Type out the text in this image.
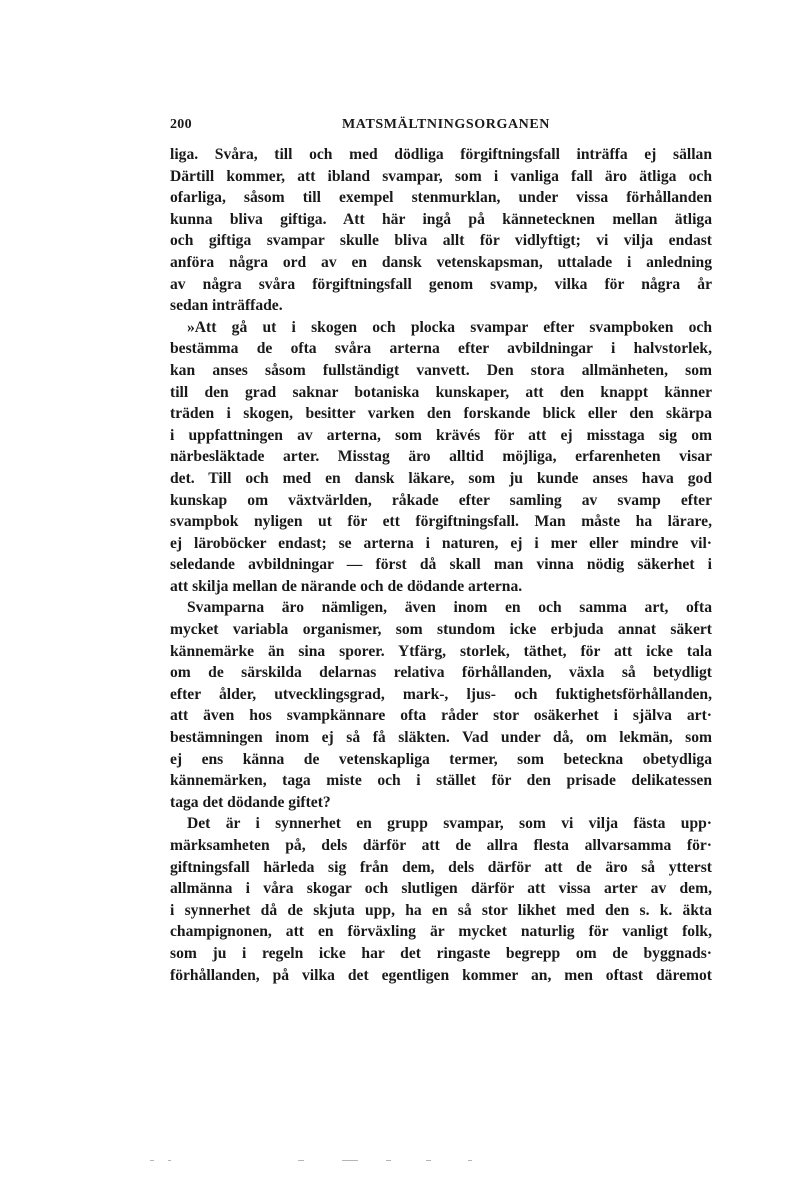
200	MATSMÄLTNINGSORGANEN
liga. Svåra, till och med dödliga förgiftningsfall inträffa ej sällan
Därtill kommer, att ibland svampar, som i vanliga fall äro ätliga och
ofarliga, såsom till exempel stenmurklan, under vissa förhållanden
kunna bliva giftiga. Att här ingå på kännetecknen mellan ätliga
och giftiga svampar skulle bliva allt för vidlyftigt; vi vilja endast
anföra några ord av en dansk vetenskapsman, uttalade i anledning
av några svåra förgiftningsfall genom svamp, vilka för några år
sedan inträffade.
»Att gå ut i skogen och plocka svampar efter svampboken och
bestämma de ofta svåra arterna efter avbildningar i halvstorlek,
kan anses såsom fullständigt vanvett. Den stora allmänheten, som
till den grad saknar botaniska kunskaper, att den knappt känner
träden i skogen, besitter varken den forskande blick eller den skärpa
i uppfattningen av arterna, som krävés för att ej misstaga sig om
närbesläktade arter. Misstag äro alltid möjliga, erfarenheten visar
det. Till och med en dansk läkare, som ju kunde anses hava god
kunskap om växtvärlden, råkade efter samling av svamp efter
svampbok nyligen ut för ett förgiftningsfall. Man måste ha lärare,
ej läroböcker endast; se arterna i naturen, ej i mer eller mindre vil·
seledande avbildningar — först då skall man vinna nödig säkerhet i
att skilja mellan de närande och de dödande arterna.
Svamparna äro nämligen, även inom en och samma art, ofta
mycket variabla organismer, som stundom icke erbjuda annat säkert
kännemärke än sina sporer. Ytfärg, storlek, täthet, för att icke tala
om de särskilda delarnas relativa förhållanden, växla så betydligt
efter ålder, utvecklingsgrad, mark-, ljus- och fuktighetsförhållanden,
att även hos svampkännare ofta råder stor osäkerhet i själva art·
bestämningen inom ej så få släkten. Vad under då, om lekmän, som
ej ens känna de vetenskapliga termer, som beteckna obetydliga
kännemärken, taga miste och i stället för den prisade delikatessen
taga det dödande giftet?
Det är i synnerhet en grupp svampar, som vi vilja fästa upp·
märksamheten på, dels därför att de allra flesta allvarsamma för·
giftningsfall härleda sig från dem, dels därför att de äro så ytterst
allmänna i våra skogar och slutligen därför att vissa arter av dem,
i synnerhet då de skjuta upp, ha en så stor likhet med den s. k. äkta
champignonen, att en förväxling är mycket naturlig för vanligt folk,
som ju i regeln icke har det ringaste begrepp om de byggnads·
förhållanden, på vilka det egentligen kommer an, men oftast däremot
